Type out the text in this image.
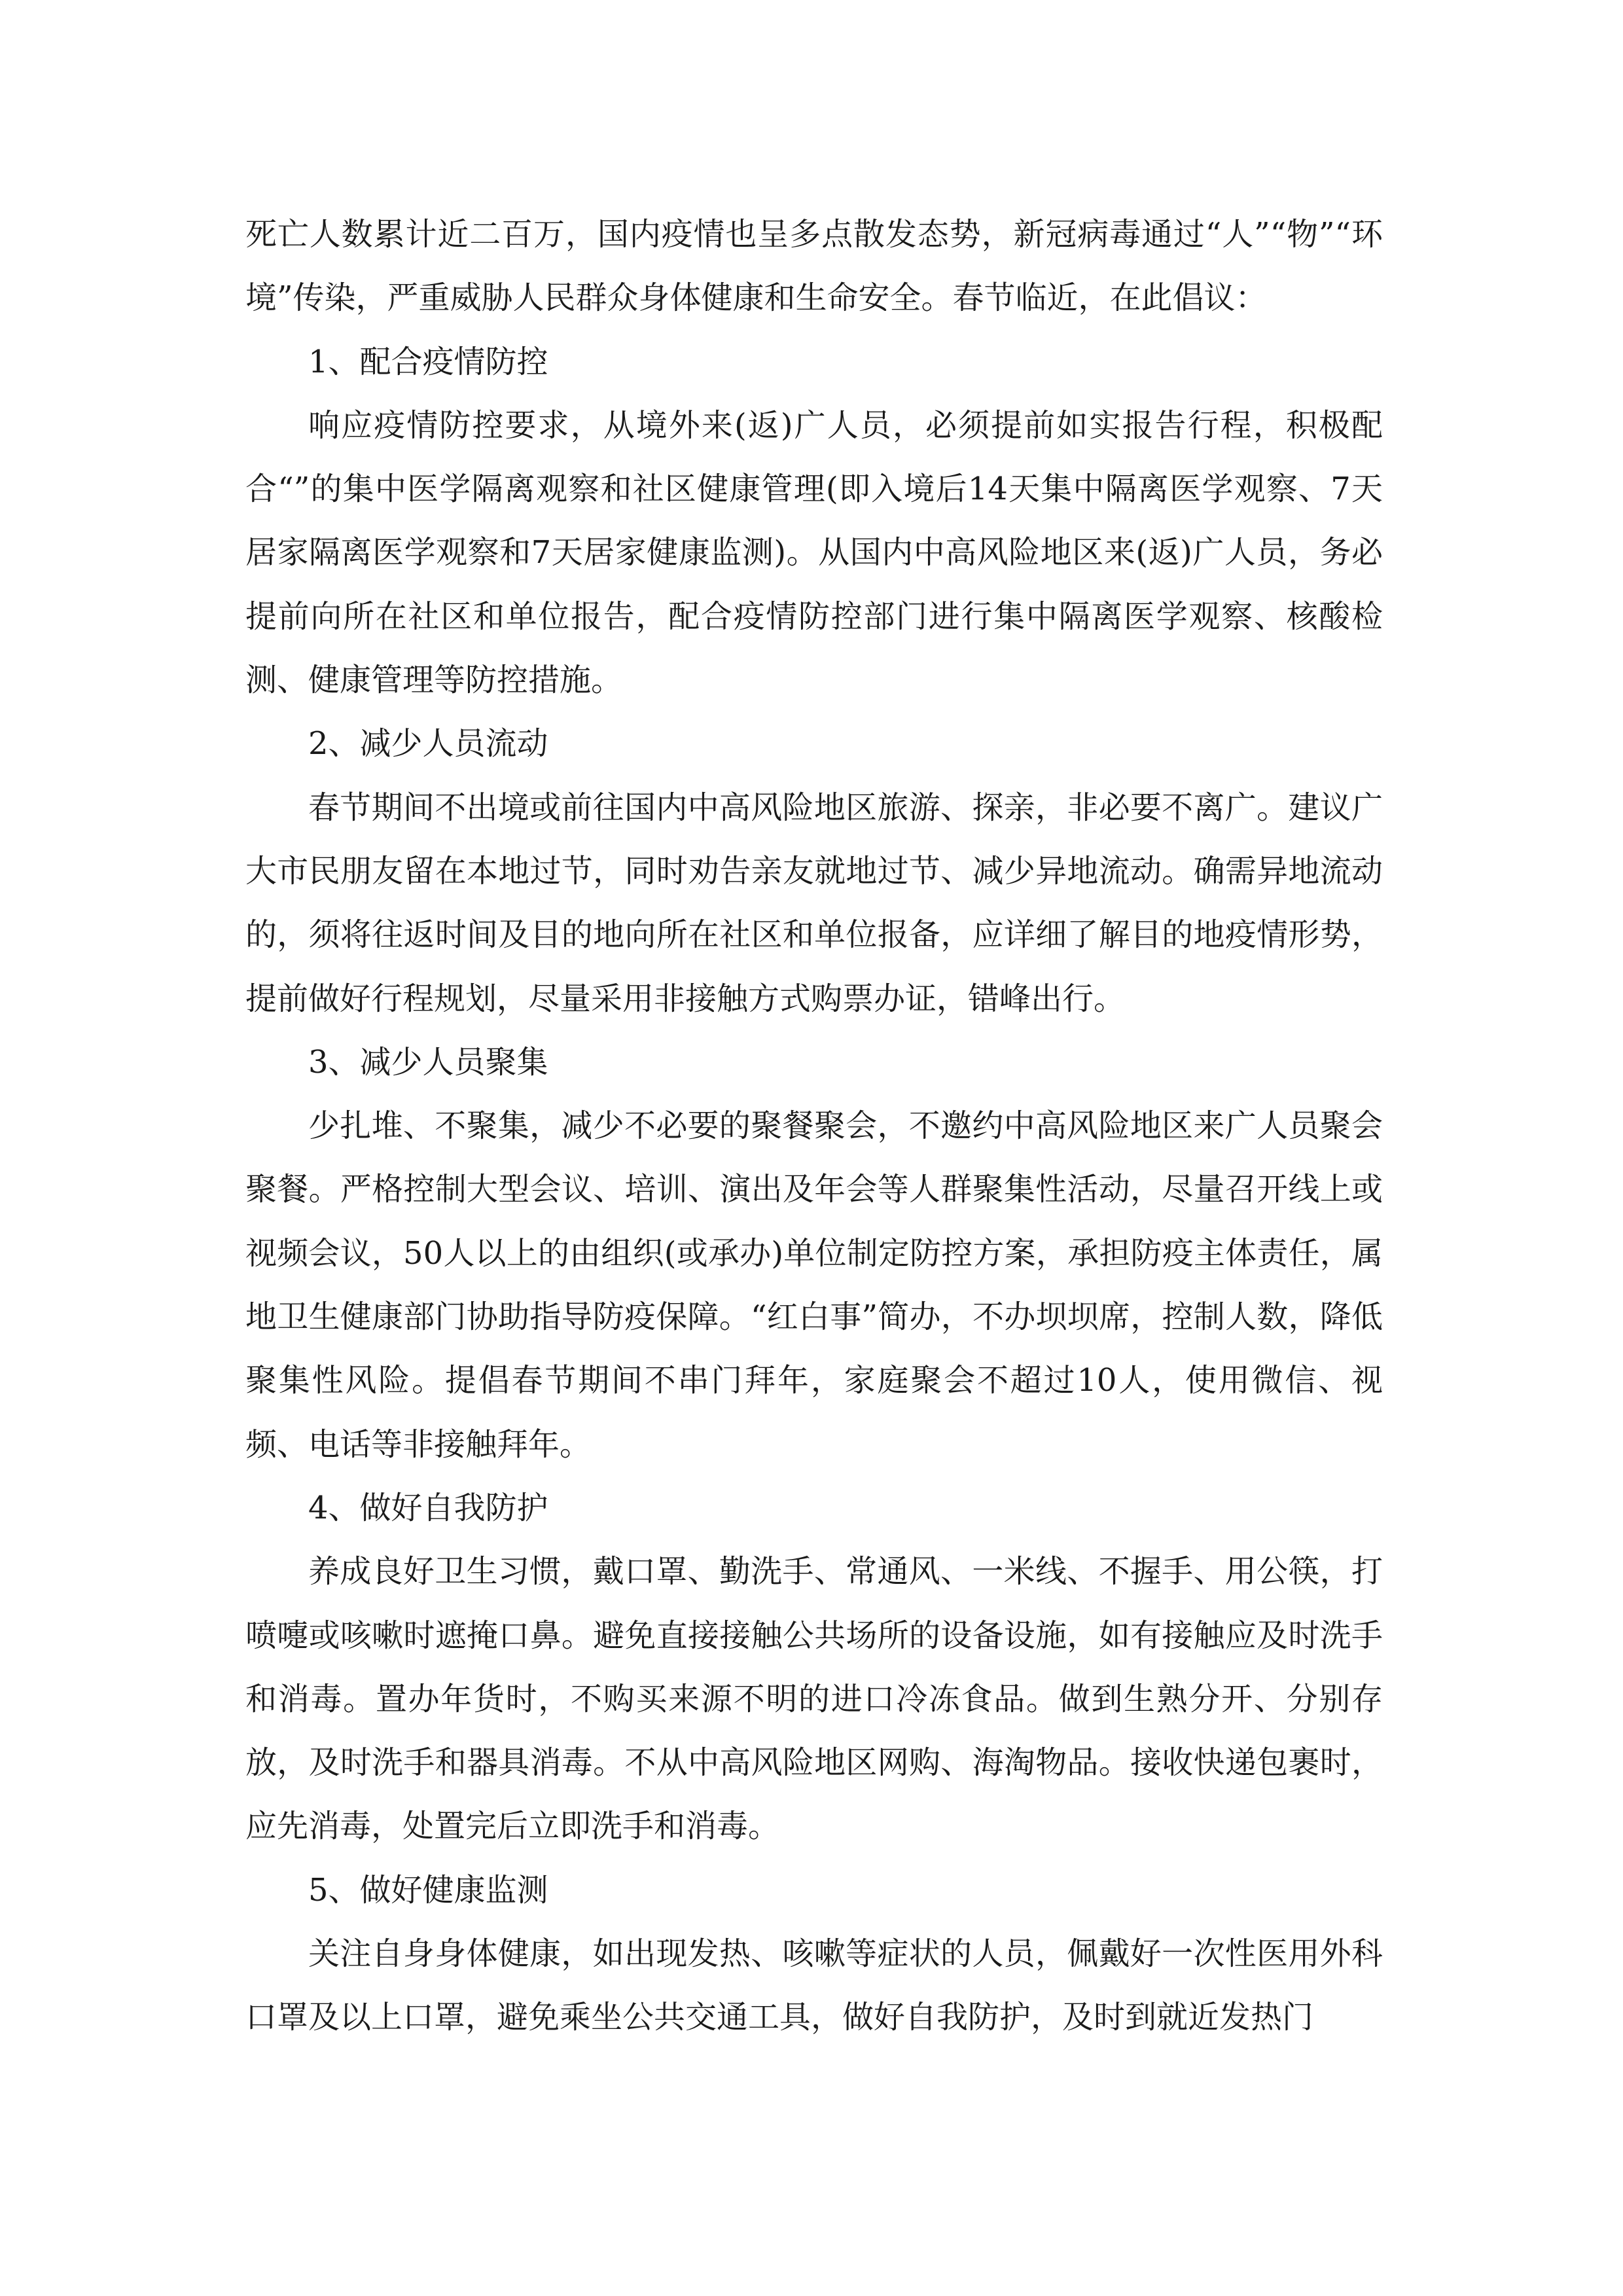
死亡人数累计近二百万，国内疫情也呈多点散发态势，新冠病毒通过“人”“物”“环境”传染，严重威胁人民群众身体健康和生命安全。春节临近，在此倡议：

1、配合疫情防控

响应疫情防控要求，从境外来(返)广人员，必须提前如实报告行程，积极配合“”的集中医学隔离观察和社区健康管理(即入境后14天集中隔离医学观察、7天居家隔离医学观察和7天居家健康监测)。从国内中高风险地区来(返)广人员，务必提前向所在社区和单位报告，配合疫情防控部门进行集中隔离医学观察、核酸检测、健康管理等防控措施。

2、减少人员流动

春节期间不出境或前往国内中高风险地区旅游、探亲，非必要不离广。建议广大市民朋友留在本地过节，同时劝告亲友就地过节、减少异地流动。确需异地流动的，须将往返时间及目的地向所在社区和单位报备，应详细了解目的地疫情形势，提前做好行程规划，尽量采用非接触方式购票办证，错峰出行。

3、减少人员聚集

少扎堆、不聚集，减少不必要的聚餐聚会，不邀约中高风险地区来广人员聚会聚餐。严格控制大型会议、培训、演出及年会等人群聚集性活动，尽量召开线上或视频会议，50人以上的由组织(或承办)单位制定防控方案，承担防疫主体责任，属地卫生健康部门协助指导防疫保障。“红白事”简办，不办坝坝席，控制人数，降低聚集性风险。提倡春节期间不串门拜年，家庭聚会不超过10人，使用微信、视频、电话等非接触拜年。

4、做好自我防护

养成良好卫生习惯，戴口罩、勤洗手、常通风、一米线、不握手、用公筷，打喷嚏或咳嗽时遮掩口鼻。避免直接接触公共场所的设备设施，如有接触应及时洗手和消毒。置办年货时，不购买来源不明的进口冷冻食品。做到生熟分开、分别存放，及时洗手和器具消毒。不从中高风险地区网购、海淘物品。接收快递包裹时，应先消毒，处置完后立即洗手和消毒。

5、做好健康监测

关注自身身体健康，如出现发热、咳嗽等症状的人员，佩戴好一次性医用外科口罩及以上口罩，避免乘坐公共交通工具，做好自我防护，及时到就近发热门
